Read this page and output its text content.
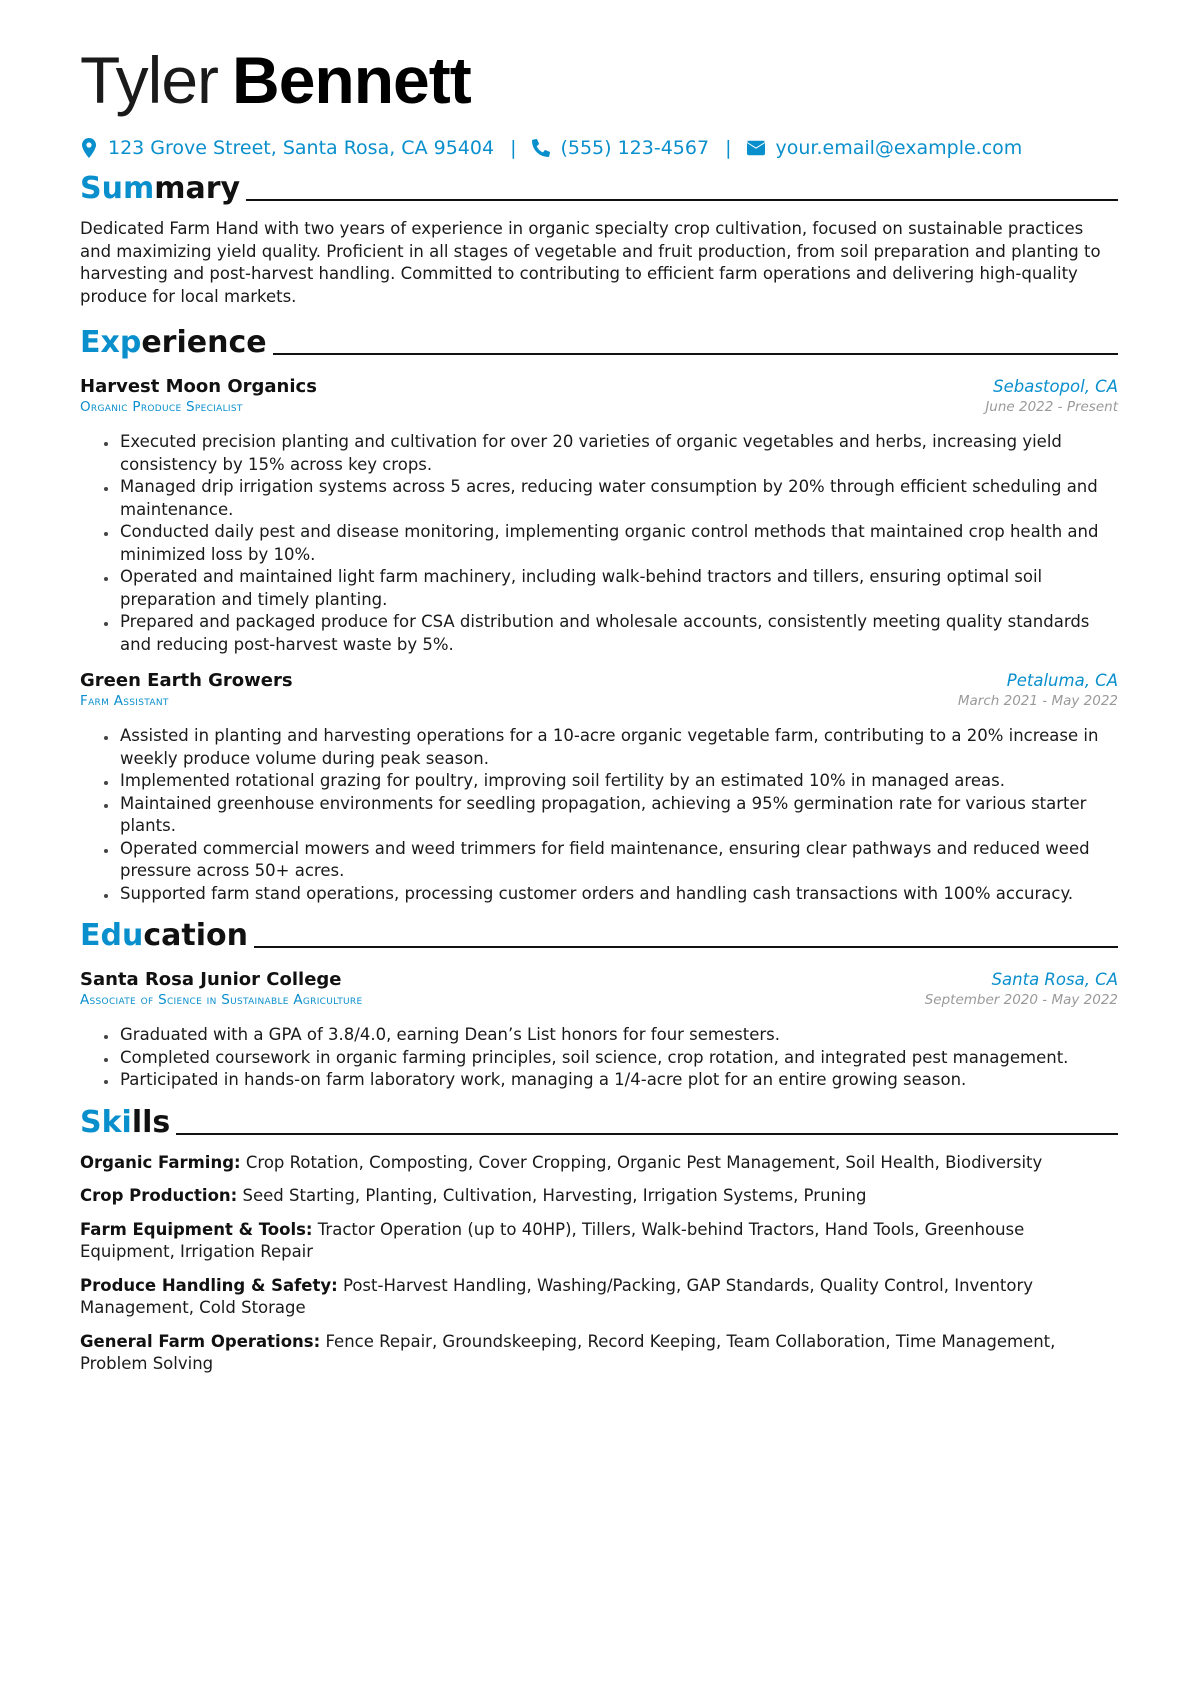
Tyler Bennett
123 Grove Street, Santa Rosa, CA 95404 | (555) 123-4567 | your.email@example.com
Summary
Dedicated Farm Hand with two years of experience in organic specialty crop cultivation, focused on sustainable practices and maximizing yield quality. Proficient in all stages of vegetable and fruit production, from soil preparation and planting to harvesting and post-harvest handling. Committed to contributing to efficient farm operations and delivering high-quality produce for local markets.
Experience
Harvest Moon Organics	Sebastopol, CA
Organic Produce Specialist	June 2022 - Present
• Executed precision planting and cultivation for over 20 varieties of organic vegetables and herbs, increasing yield consistency by 15% across key crops.
• Managed drip irrigation systems across 5 acres, reducing water consumption by 20% through efficient scheduling and maintenance.
• Conducted daily pest and disease monitoring, implementing organic control methods that maintained crop health and minimized loss by 10%.
• Operated and maintained light farm machinery, including walk-behind tractors and tillers, ensuring optimal soil preparation and timely planting.
• Prepared and packaged produce for CSA distribution and wholesale accounts, consistently meeting quality standards and reducing post-harvest waste by 5%.
Green Earth Growers	Petaluma, CA
Farm Assistant	March 2021 - May 2022
• Assisted in planting and harvesting operations for a 10-acre organic vegetable farm, contributing to a 20% increase in weekly produce volume during peak season.
• Implemented rotational grazing for poultry, improving soil fertility by an estimated 10% in managed areas.
• Maintained greenhouse environments for seedling propagation, achieving a 95% germination rate for various starter plants.
• Operated commercial mowers and weed trimmers for field maintenance, ensuring clear pathways and reduced weed pressure across 50+ acres.
• Supported farm stand operations, processing customer orders and handling cash transactions with 100% accuracy.
Education
Santa Rosa Junior College	Santa Rosa, CA
Associate of Science in Sustainable Agriculture	September 2020 - May 2022
• Graduated with a GPA of 3.8/4.0, earning Dean’s List honors for four semesters.
• Completed coursework in organic farming principles, soil science, crop rotation, and integrated pest management.
• Participated in hands-on farm laboratory work, managing a 1/4-acre plot for an entire growing season.
Skills
Organic Farming: Crop Rotation, Composting, Cover Cropping, Organic Pest Management, Soil Health, Biodiversity
Crop Production: Seed Starting, Planting, Cultivation, Harvesting, Irrigation Systems, Pruning
Farm Equipment & Tools: Tractor Operation (up to 40HP), Tillers, Walk-behind Tractors, Hand Tools, Greenhouse Equipment, Irrigation Repair
Produce Handling & Safety: Post-Harvest Handling, Washing/Packing, GAP Standards, Quality Control, Inventory Management, Cold Storage
General Farm Operations: Fence Repair, Groundskeeping, Record Keeping, Team Collaboration, Time Management, Problem Solving
